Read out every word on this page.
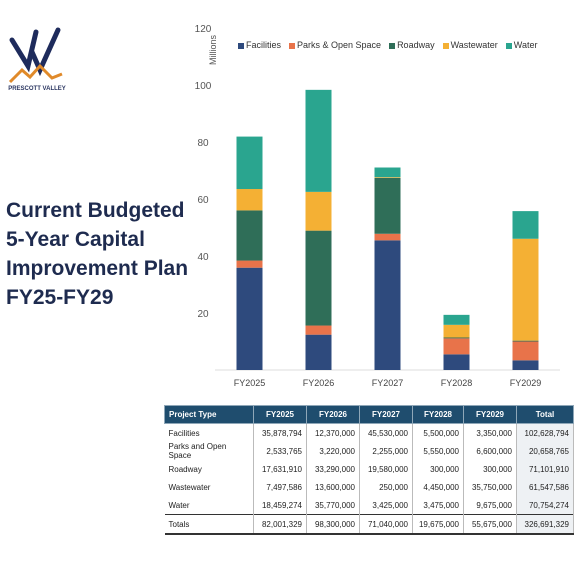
PRESCOTT VALLEY
Current Budgeted
5-Year Capital
Improvement Plan
FY25-FY29
Facilities	Parks & Open Space	Roadway	Wastewater	Water
20
40
60
80
100
120
Millions
FY2025	FY2026	FY2027	FY2028	FY2029
Project Type	FY2025	FY2026	FY2027	FY2028	FY2029	Total
Facilities	35,878,794	12,370,000	45,530,000	5,500,000	3,350,000	102,628,794
Parks and Open Space	2,533,765	3,220,000	2,255,000	5,550,000	6,600,000	20,658,765
Roadway	17,631,910	33,290,000	19,580,000	300,000	300,000	71,101,910
Wastewater	7,497,586	13,600,000	250,000	4,450,000	35,750,000	61,547,586
Water	18,459,274	35,770,000	3,425,000	3,475,000	9,675,000	70,754,274
Totals	82,001,329	98,300,000	71,040,000	19,675,000	55,675,000	326,691,329
